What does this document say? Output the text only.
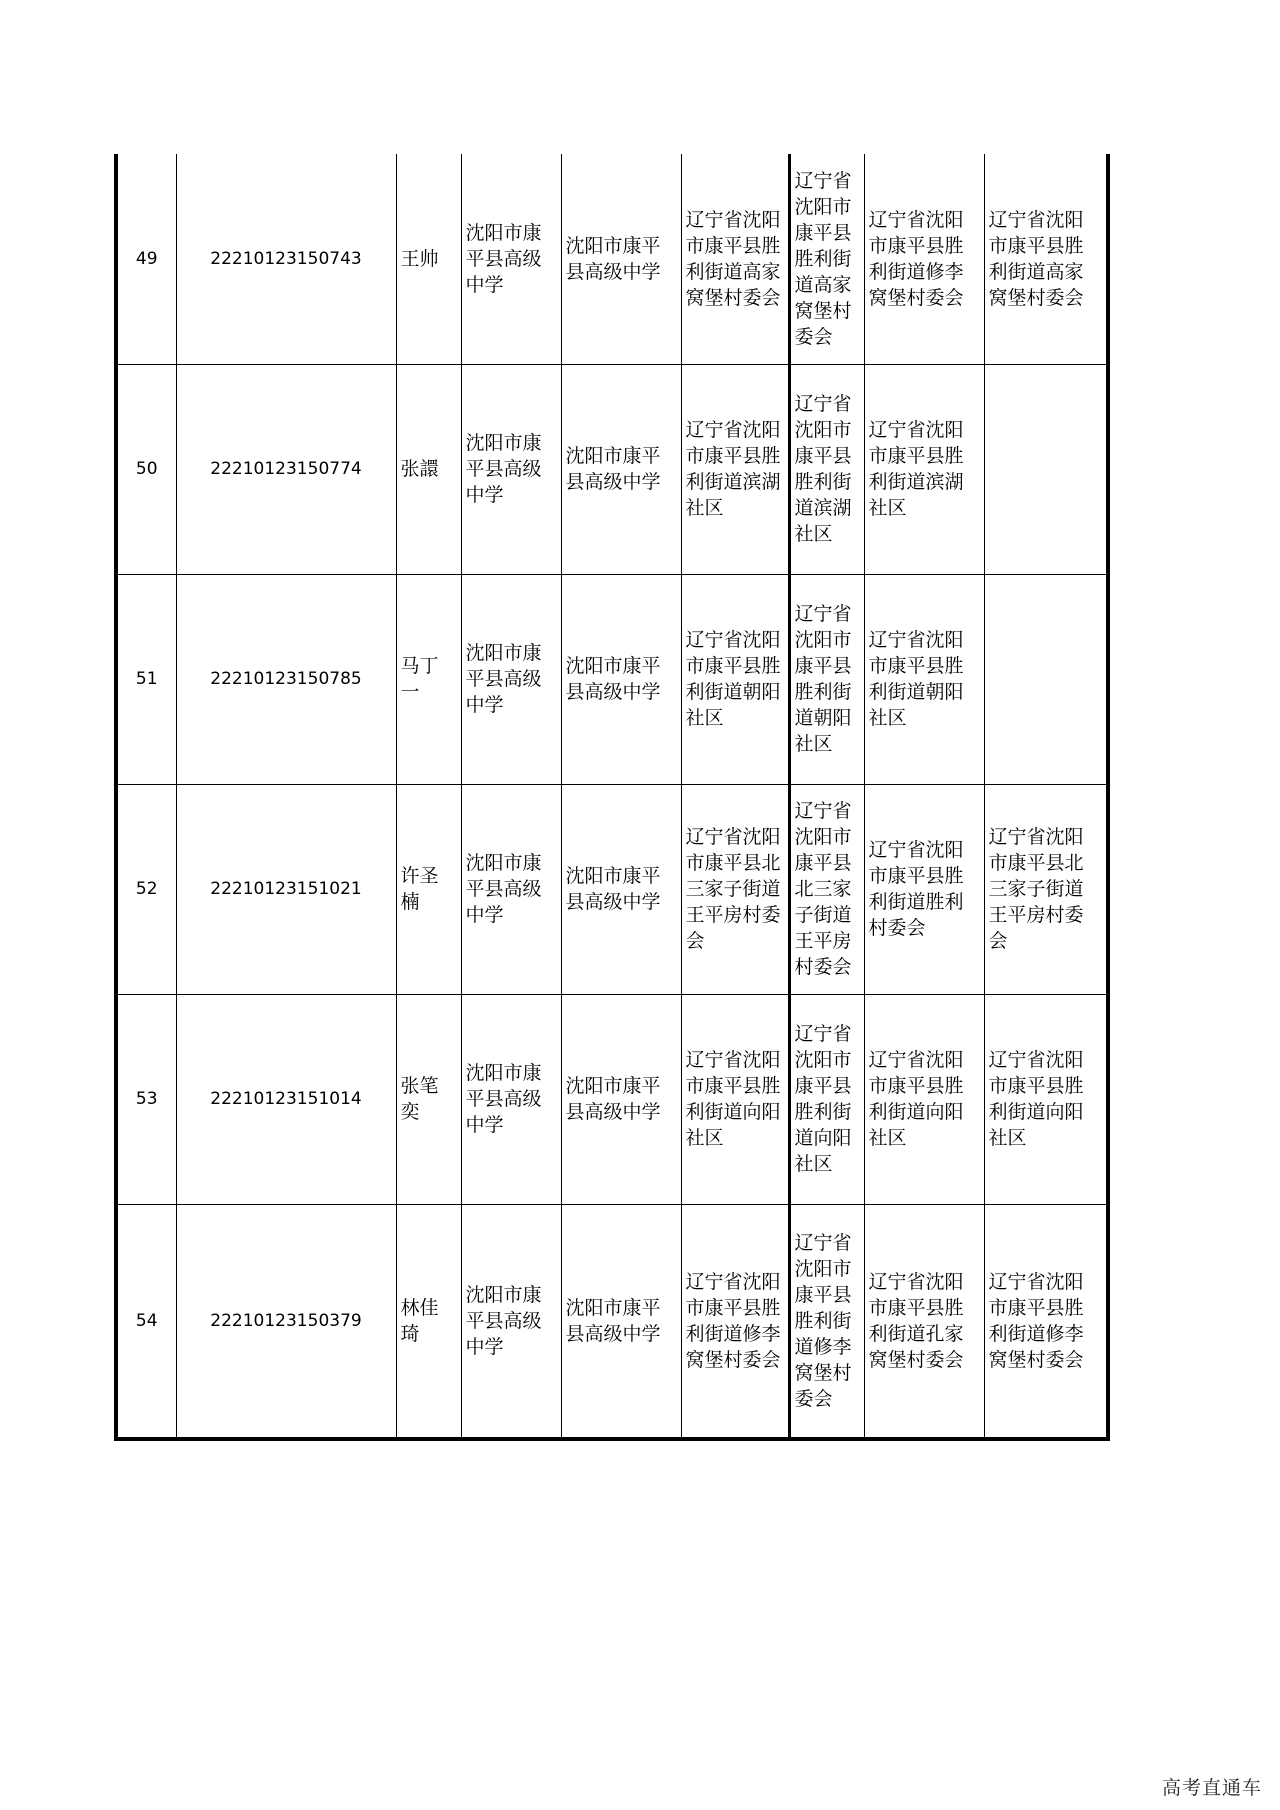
49	22210123150743	王帅	沈阳市康平县高级中学	沈阳市康平县高级中学	辽宁省沈阳市康平县胜利街道高家窝堡村委会	辽宁省沈阳市康平县胜利街道高家窝堡村委会	辽宁省沈阳市康平县胜利街道修李窝堡村委会	辽宁省沈阳市康平县胜利街道高家窝堡村委会
50	22210123150774	张譞	沈阳市康平县高级中学	沈阳市康平县高级中学	辽宁省沈阳市康平县胜利街道滨湖社区	辽宁省沈阳市康平县胜利街道滨湖社区	辽宁省沈阳市康平县胜利街道滨湖社区	
51	22210123150785	马丁一	沈阳市康平县高级中学	沈阳市康平县高级中学	辽宁省沈阳市康平县胜利街道朝阳社区	辽宁省沈阳市康平县胜利街道朝阳社区	辽宁省沈阳市康平县胜利街道朝阳社区	
52	22210123151021	许圣楠	沈阳市康平县高级中学	沈阳市康平县高级中学	辽宁省沈阳市康平县北三家子街道王平房村委会	辽宁省沈阳市康平县北三家子街道王平房村委会	辽宁省沈阳市康平县胜利街道胜利村委会	辽宁省沈阳市康平县北三家子街道王平房村委会
53	22210123151014	张笔奕	沈阳市康平县高级中学	沈阳市康平县高级中学	辽宁省沈阳市康平县胜利街道向阳社区	辽宁省沈阳市康平县胜利街道向阳社区	辽宁省沈阳市康平县胜利街道向阳社区	辽宁省沈阳市康平县胜利街道向阳社区
54	22210123150379	林佳琦	沈阳市康平县高级中学	沈阳市康平县高级中学	辽宁省沈阳市康平县胜利街道修李窝堡村委会	辽宁省沈阳市康平县胜利街道修李窝堡村委会	辽宁省沈阳市康平县胜利街道孔家窝堡村委会	辽宁省沈阳市康平县胜利街道修李窝堡村委会
高考直通车
